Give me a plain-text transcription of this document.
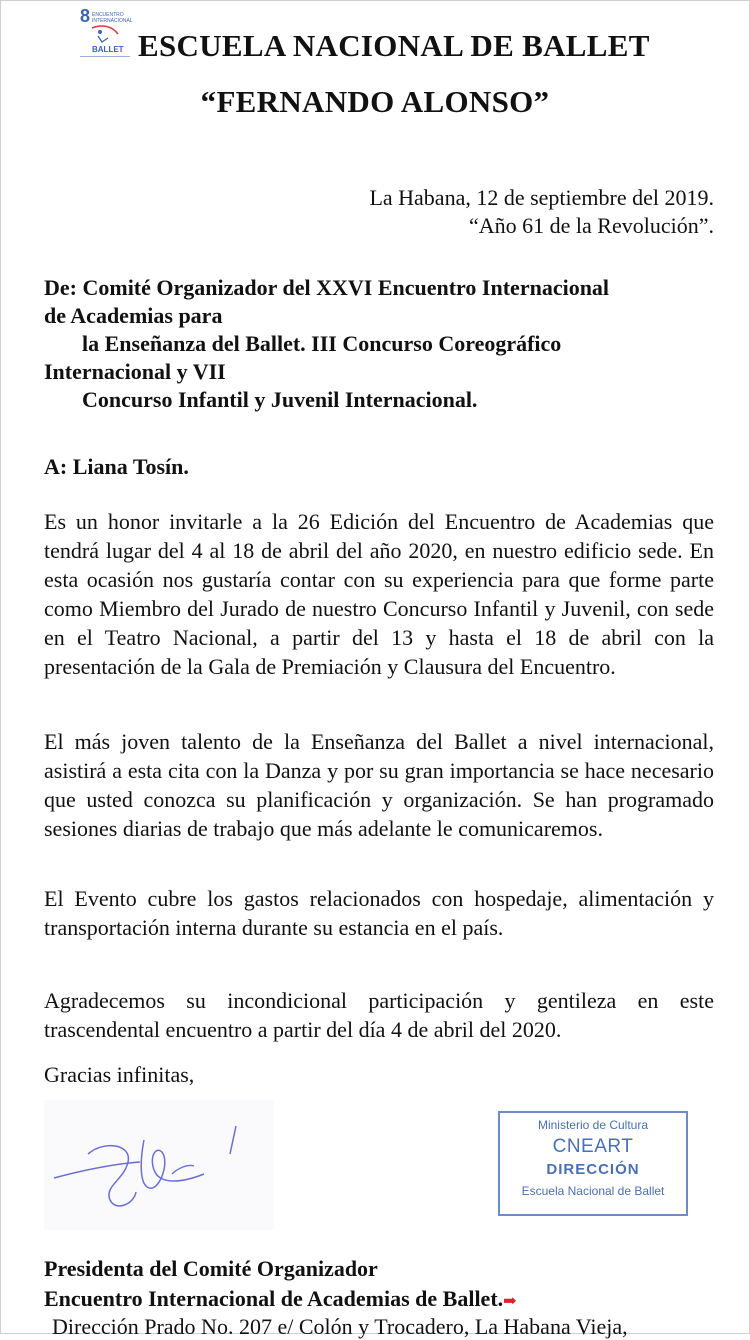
8 ENCUENTRO
INTERNACIONAL
BALLET ESCUELA NACIONAL DE BALLET
“FERNANDO ALONSO”
La Habana, 12 de septiembre del 2019.
“Año 61 de la Revolución”.
De: Comité Organizador del XXVI Encuentro Internacional
de Academias para
la Enseñanza del Ballet. III Concurso Coreográfico
Internacional y VII
Concurso Infantil y Juvenil Internacional.
A: Liana Tosín.
Es un honor invitarle a la 26 Edición del Encuentro de Academias que tendrá lugar del 4 al 18 de abril del año 2020, en nuestro edificio sede. En esta ocasión nos gustaría contar con su experiencia para que forme parte como Miembro del Jurado de nuestro Concurso Infantil y Juvenil, con sede en el Teatro Nacional, a partir del 13 y hasta el 18 de abril con la presentación de la Gala de Premiación y Clausura del Encuentro.
El más joven talento de la Enseñanza del Ballet a nivel internacional, asistirá a esta cita con la Danza y por su gran importancia se hace necesario que usted conozca su planificación y organización. Se han programado sesiones diarias de trabajo que más adelante le comunicaremos.
El Evento cubre los gastos relacionados con hospedaje, alimentación y transportación interna durante su estancia en el país.
Agradecemos su incondicional participación y gentileza en este trascendental encuentro a partir del día 4 de abril del 2020.
Gracias infinitas,
Ministerio de Cultura
CNEART
DIRECCIÓN
Escuela Nacional de Ballet
Presidenta del Comité Organizador
Encuentro Internacional de Academias de Ballet.➡
Dirección Prado No. 207 e/ Colón y Trocadero, La Habana Vieja,
